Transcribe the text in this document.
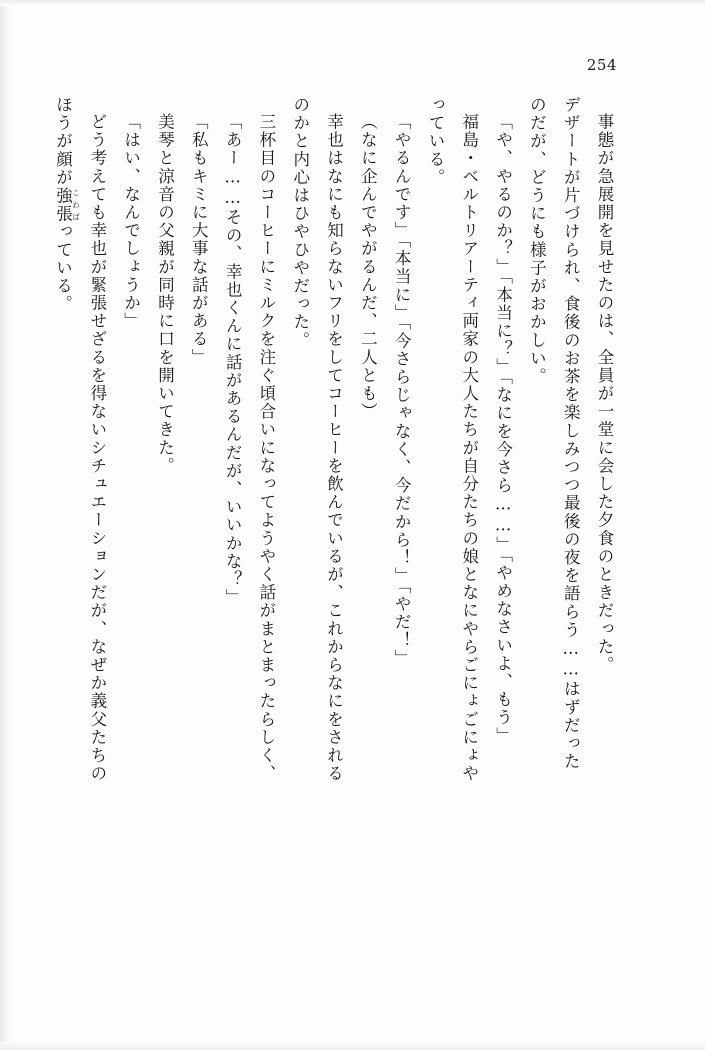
254

事態が急展開を見せたのは、全員が一堂に会した夕食のときだった。

デザートが片づけられ、食後のお茶を楽しみつつ最後の夜を語らう……はずだった

のだが、どうにも様子がおかしい。

「や、やるのか？」「本当に？」「なにを今さら……」「やめなさいよ、もう」

福島・ベルトリアーティ両家の大人たちが自分たちの娘となにやらごにょごにょや

っている。

「やるんです」「本当に」「今さらじゃなく、今だから！」「やだ！」

（なに企んでやがるんだ、二人とも）

幸也はなにも知らないフリをしてコーヒーを飲んでいるが、これからなにをされる

のかと内心はひやひやだった。

三杯目のコーヒーにミルクを注ぐ頃合いになってようやく話がまとまったらしく、

「あー……その、幸也くんに話があるんだが、いいかな？」

「私もキミに大事な話がある」

美琴と涼音の父親が同時に口を開いてきた。

「はい、なんでしょうか」

どう考えても幸也が緊張せざるを得ないシチュエーションだが、なぜか義父たちの

ほうが顔が強張 こわばっている。
